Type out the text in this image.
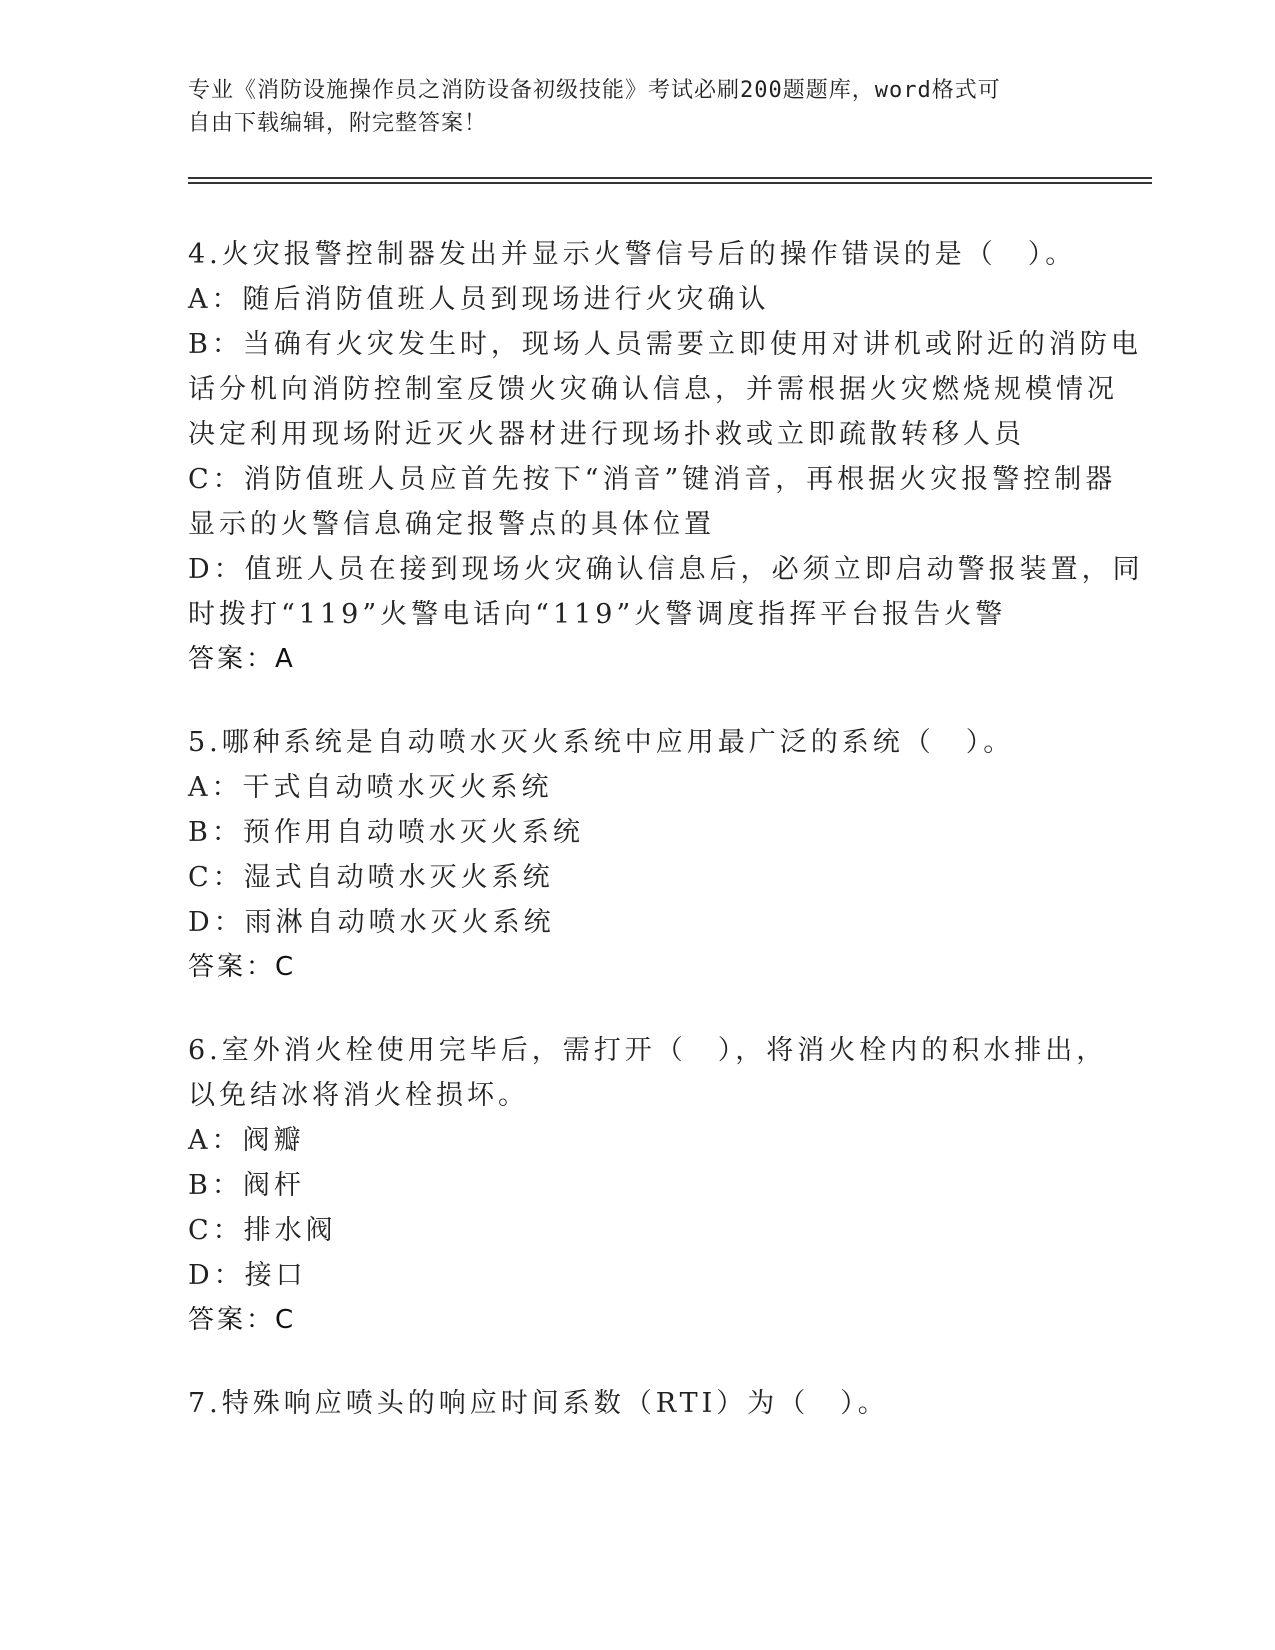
专业《消防设施操作员之消防设备初级技能》考试必刷200题题库，word格式可
自由下载编辑，附完整答案！
4.火灾报警控制器发出并显示火警信号后的操作错误的是（　）。
A：随后消防值班人员到现场进行火灾确认
B：当确有火灾发生时，现场人员需要立即使用对讲机或附近的消防电
话分机向消防控制室反馈火灾确认信息，并需根据火灾燃烧规模情况
决定利用现场附近灭火器材进行现场扑救或立即疏散转移人员
C：消防值班人员应首先按下“消音”键消音，再根据火灾报警控制器
显示的火警信息确定报警点的具体位置
D：值班人员在接到现场火灾确认信息后，必须立即启动警报装置，同
时拨打“119”火警电话向“119”火警调度指挥平台报告火警
答案：A
5.哪种系统是自动喷水灭火系统中应用最广泛的系统（　）。
A：干式自动喷水灭火系统
B：预作用自动喷水灭火系统
C：湿式自动喷水灭火系统
D：雨淋自动喷水灭火系统
答案：C
6.室外消火栓使用完毕后，需打开（　），将消火栓内的积水排出，
以免结冰将消火栓损坏。
A：阀瓣
B：阀杆
C：排水阀
D：接口
答案：C
7.特殊响应喷头的响应时间系数（RTI）为（　）。
